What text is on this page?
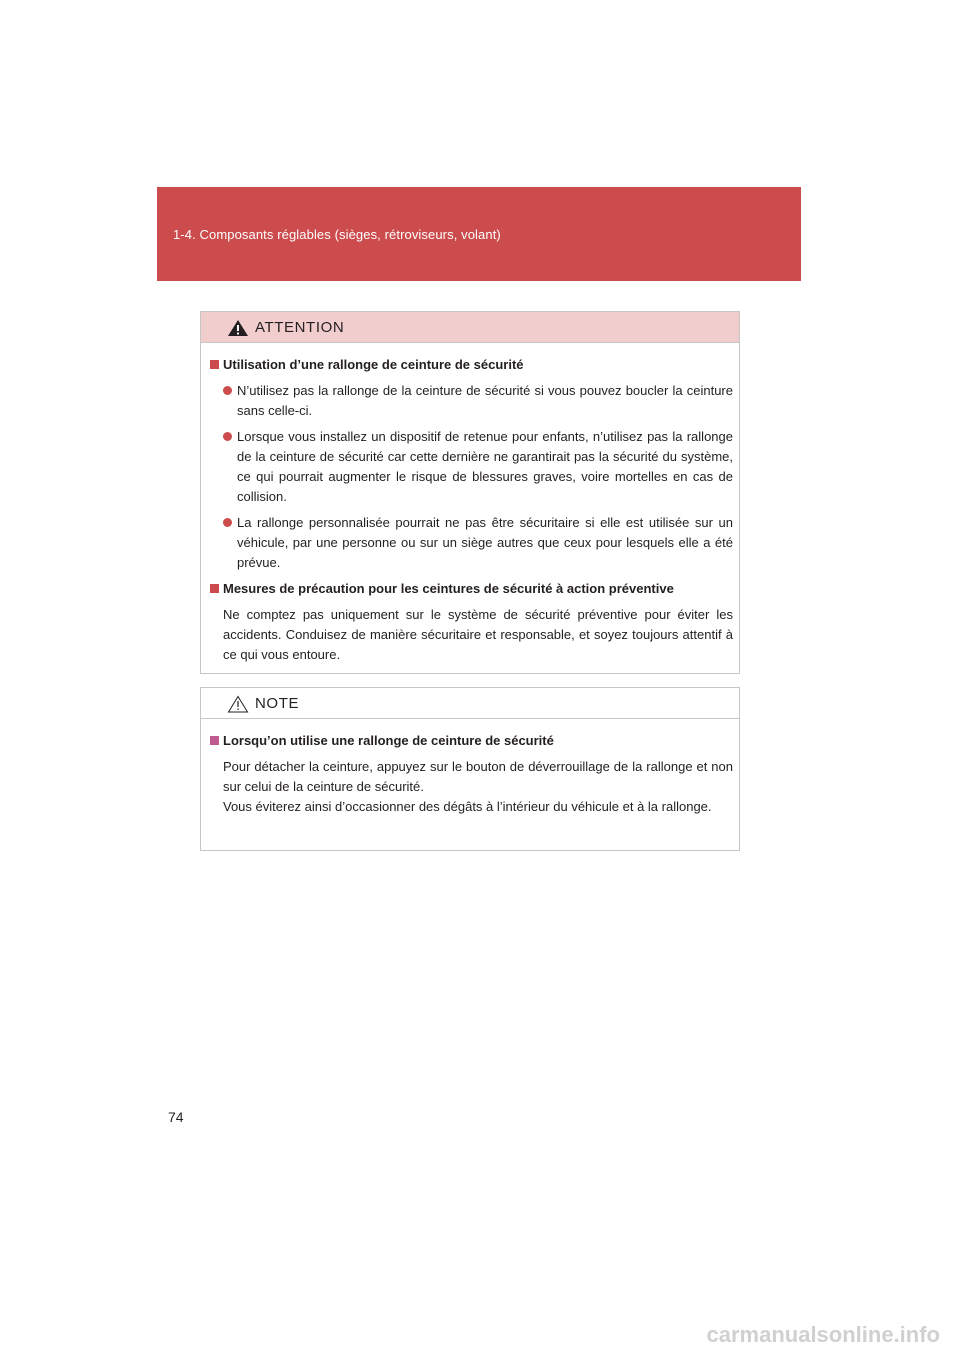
1-4. Composants réglables (sièges, rétroviseurs, volant)
ATTENTION
Utilisation d’une rallonge de ceinture de sécurité
N’utilisez pas la rallonge de la ceinture de sécurité si vous pouvez boucler la ceinture sans celle-ci.
Lorsque vous installez un dispositif de retenue pour enfants, n’utilisez pas la rallonge de la ceinture de sécurité car cette dernière ne garantirait pas la sécurité du système, ce qui pourrait augmenter le risque de blessures graves, voire mortelles en cas de collision.
La rallonge personnalisée pourrait ne pas être sécuritaire si elle est utilisée sur un véhicule, par une personne ou sur un siège autres que ceux pour lesquels elle a été prévue.
Mesures de précaution pour les ceintures de sécurité à action préventive
Ne comptez pas uniquement sur le système de sécurité préventive pour éviter les accidents. Conduisez de manière sécuritaire et responsable, et soyez toujours attentif à ce qui vous entoure.
NOTE
Lorsqu’on utilise une rallonge de ceinture de sécurité
Pour détacher la ceinture, appuyez sur le bouton de déverrouillage de la rallonge et non sur celui de la ceinture de sécurité.
Vous éviterez ainsi d’occasionner des dégâts à l’intérieur du véhicule et à la rallonge.
74
carmanualsonline.info
